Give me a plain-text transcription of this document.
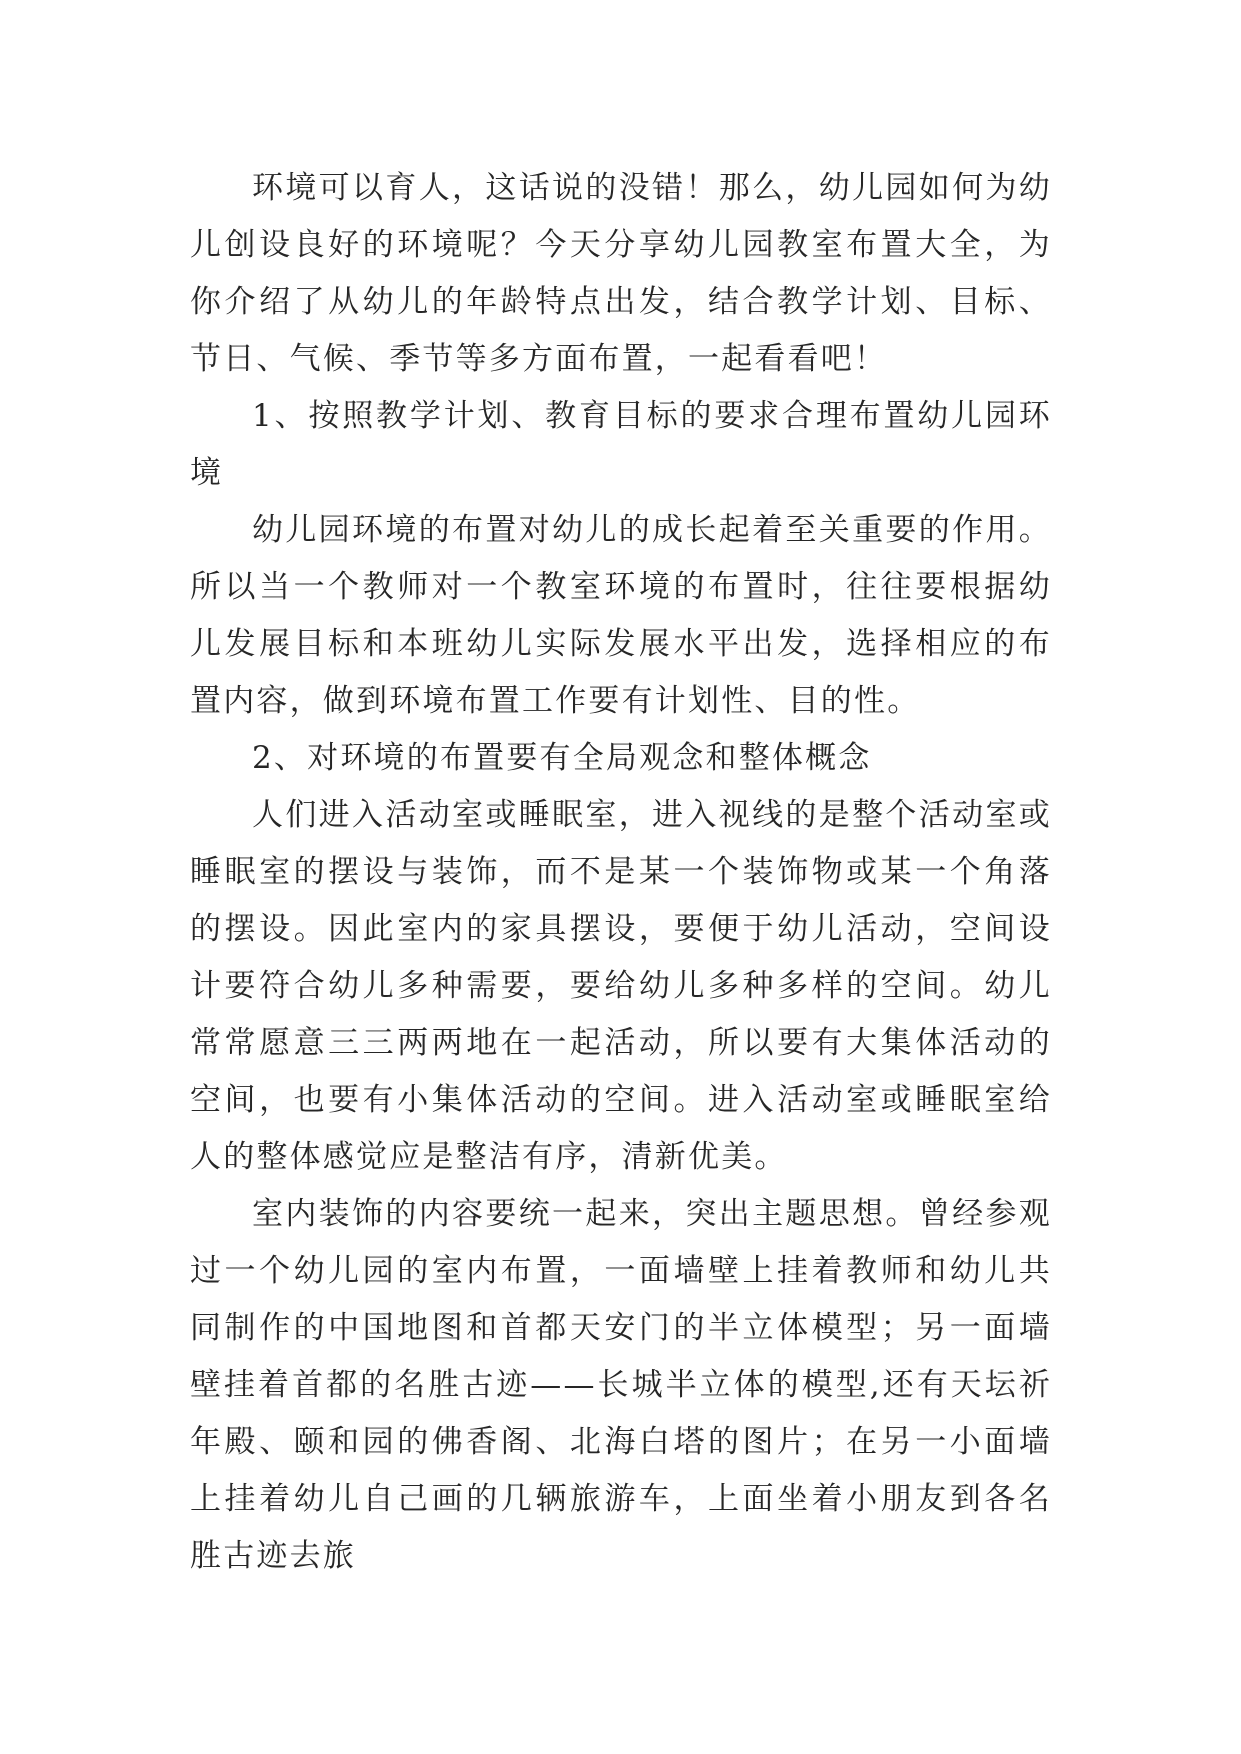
环境可以育人，这话说的没错！那么，幼儿园如何为幼儿创设良好的环境呢？今天分享幼儿园教室布置大全，为你介绍了从幼儿的年龄特点出发，结合教学计划、目标、节日、气候、季节等多方面布置，一起看看吧！

1、按照教学计划、教育目标的要求合理布置幼儿园环境

幼儿园环境的布置对幼儿的成长起着至关重要的作用。所以当一个教师对一个教室环境的布置时，往往要根据幼儿发展目标和本班幼儿实际发展水平出发，选择相应的布置内容，做到环境布置工作要有计划性、目的性。

2、对环境的布置要有全局观念和整体概念

人们进入活动室或睡眠室，进入视线的是整个活动室或睡眠室的摆设与装饰，而不是某一个装饰物或某一个角落的摆设。因此室内的家具摆设，要便于幼儿活动，空间设计要符合幼儿多种需要，要给幼儿多种多样的空间。幼儿常常愿意三三两两地在一起活动，所以要有大集体活动的空间，也要有小集体活动的空间。进入活动室或睡眠室给人的整体感觉应是整洁有序，清新优美。

室内装饰的内容要统一起来，突出主题思想。曾经参观过一个幼儿园的室内布置，一面墙壁上挂着教师和幼儿共同制作的中国地图和首都天安门的半立体模型；另一面墙壁挂着首都的名胜古迹——长城半立体的模型,还有天坛祈年殿、颐和园的佛香阁、北海白塔的图片；在另一小面墙上挂着幼儿自己画的几辆旅游车，上面坐着小朋友到各名胜古迹去旅
